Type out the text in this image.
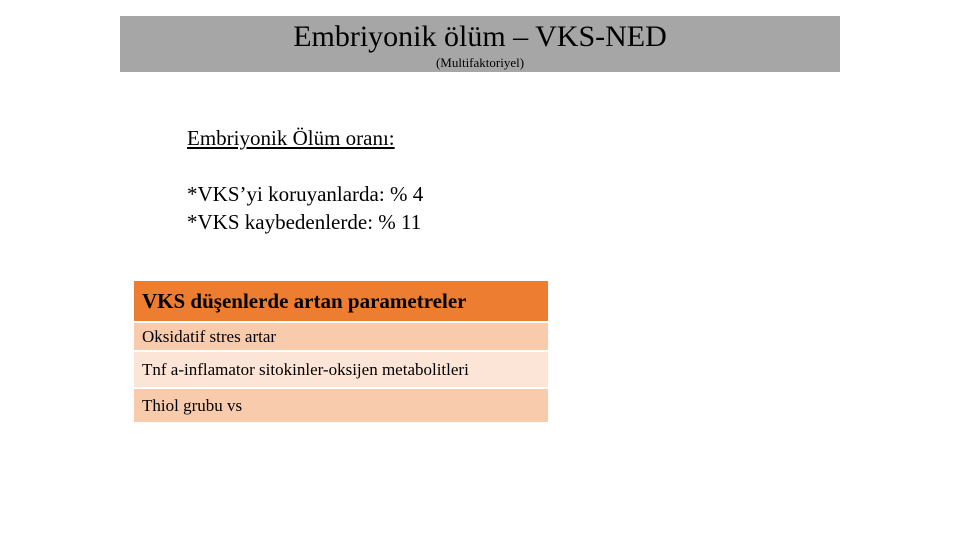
Embriyonik ölüm – VKS-NED
(Multifaktoriyel)
Embriyonik Ölüm oranı:
*VKS’yi koruyanlarda: % 4
*VKS kaybedenlerde: % 11
VKS düşenlerde artan parametreler
Oksidatif stres artar
Tnf a-inflamator sitokinler-oksijen metabolitleri
Thiol grubu vs
